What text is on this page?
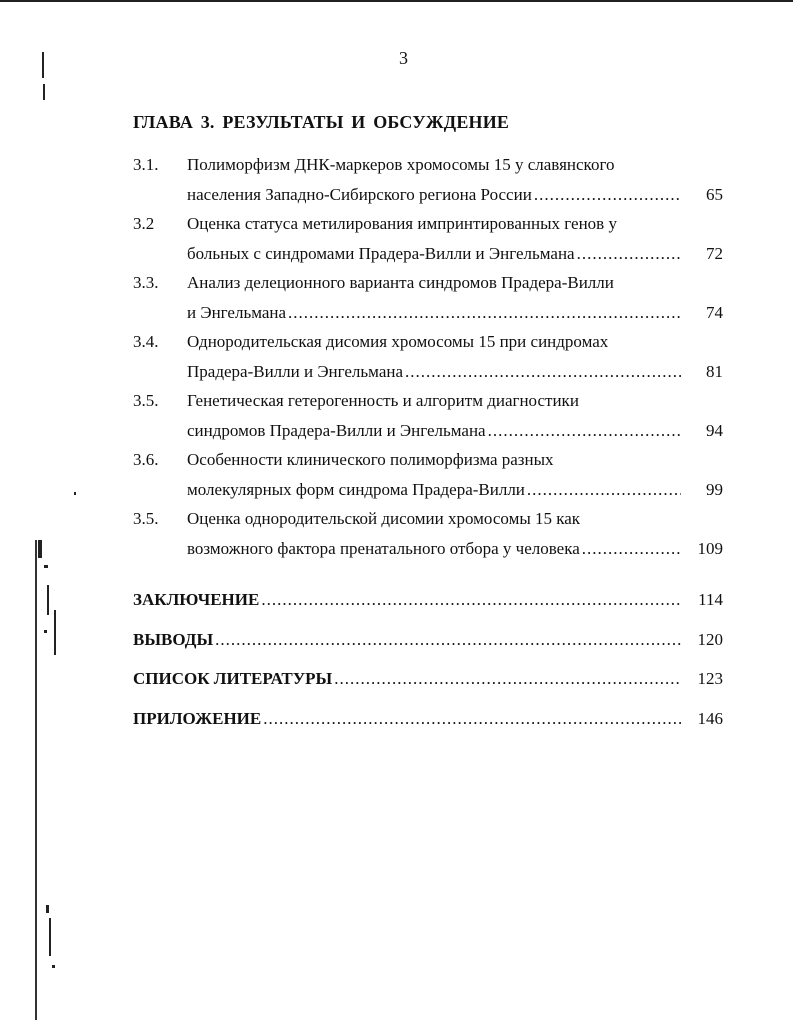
3
ГЛАВА 3. РЕЗУЛЬТАТЫ И ОБСУЖДЕНИЕ
3.1.	Полиморфизм ДНК-маркеров хромосомы 15 у славянского
населения Западно-Сибирского региона России .....	65
3.2	Оценка статуса метилирования импринтированных генов у
больных с синдромами Прадера-Вилли и Энгельмана .....	72
3.3.	Анализ делеционного варианта синдромов Прадера-Вилли
и Энгельмана .....	74
3.4.	Однородительская дисомия хромосомы 15 при синдромах
Прадера-Вилли и Энгельмана .....	81
3.5.	Генетическая гетерогенность и алгоритм диагностики
синдромов Прадера-Вилли и Энгельмана .....	94
3.6.	Особенности клинического полиморфизма разных
молекулярных форм синдрома Прадера-Вилли .....	99
3.5.	Оценка однородительской дисомии хромосомы 15 как
возможного фактора пренатального отбора у человека .....	109
ЗАКЛЮЧЕНИЕ .....	114
ВЫВОДЫ .....	120
СПИСОК ЛИТЕРАТУРЫ .....	123
ПРИЛОЖЕНИЕ .....	146
